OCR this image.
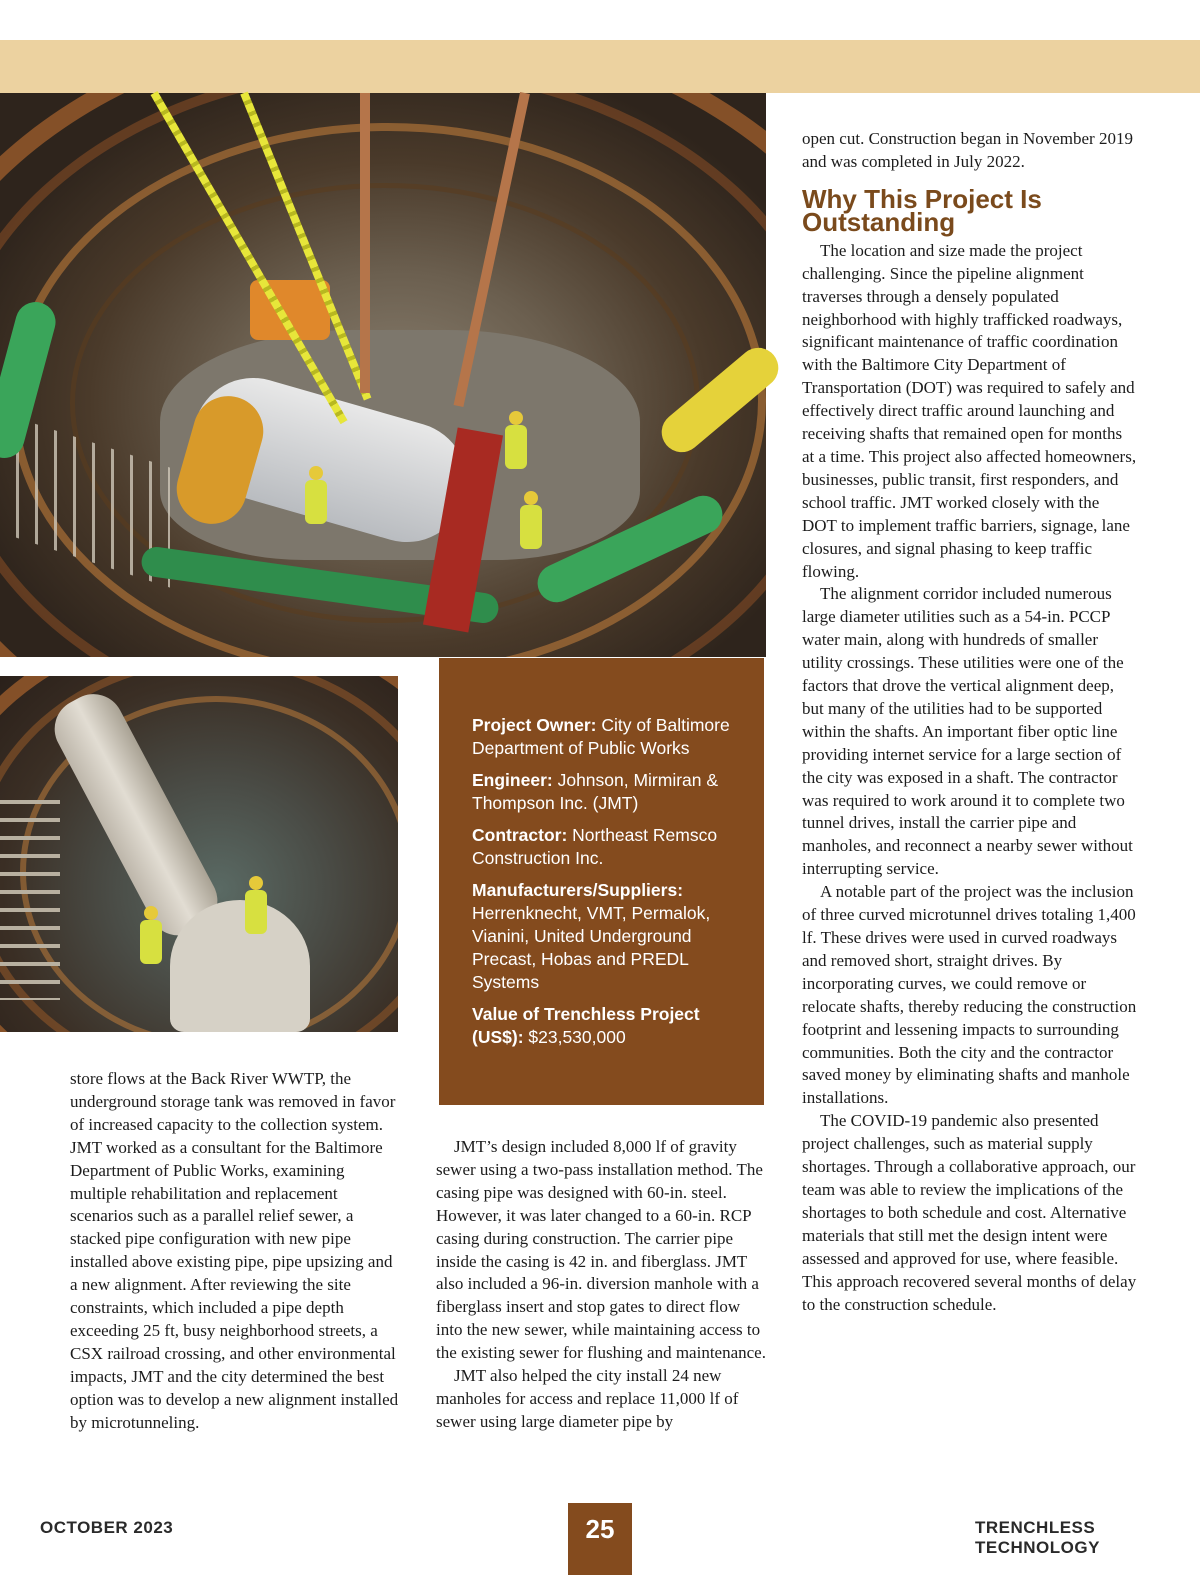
Project Owner: City of Baltimore Department of Public Works

Engineer: Johnson, Mirmiran & Thompson Inc. (JMT)

Contractor: Northeast Remsco Construction Inc.

Manufacturers/Suppliers: Herrenknecht, VMT, Permalok, Vianini, United Underground Precast, Hobas and PREDL Systems

Value of Trenchless Project (US$): $23,530,000

store flows at the Back River WWTP, the underground storage tank was removed in favor of increased capacity to the collection system. JMT worked as a consultant for the Baltimore Department of Public Works, examining multiple rehabilitation and replacement scenarios such as a parallel relief sewer, a stacked pipe configuration with new pipe installed above existing pipe, pipe upsizing and a new alignment. After reviewing the site constraints, which included a pipe depth exceeding 25 ft, busy neighborhood streets, a CSX railroad crossing, and other environmental impacts, JMT and the city determined the best option was to develop a new alignment installed by microtunneling.

JMT’s design included 8,000 lf of gravity sewer using a two-pass installation method. The casing pipe was designed with 60-in. steel. However, it was later changed to a 60-in. RCP casing during construction. The carrier pipe inside the casing is 42 in. and fiberglass. JMT also included a 96-in. diversion manhole with a fiberglass insert and stop gates to direct flow into the new sewer, while maintaining access to the existing sewer for flushing and maintenance.

JMT also helped the city install 24 new manholes for access and replace 11,000 lf of sewer using large diameter pipe by

open cut. Construction began in November 2019 and was completed in July 2022.

Why This Project Is Outstanding

The location and size made the project challenging. Since the pipeline alignment traverses through a densely populated neighborhood with highly trafficked roadways, significant maintenance of traffic coordination with the Baltimore City Department of Transportation (DOT) was required to safely and effectively direct traffic around launching and receiving shafts that remained open for months at a time. This project also affected homeowners, businesses, public transit, first responders, and school traffic. JMT worked closely with the DOT to implement traffic barriers, signage, lane closures, and signal phasing to keep traffic flowing.

The alignment corridor included numerous large diameter utilities such as a 54-in. PCCP water main, along with hundreds of smaller utility crossings. These utilities were one of the factors that drove the vertical alignment deep, but many of the utilities had to be supported within the shafts. An important fiber optic line providing internet service for a large section of the city was exposed in a shaft. The contractor was required to work around it to complete two tunnel drives, install the carrier pipe and manholes, and reconnect a nearby sewer without interrupting service.

A notable part of the project was the inclusion of three curved microtunnel drives totaling 1,400 lf. These drives were used in curved roadways and removed short, straight drives. By incorporating curves, we could remove or relocate shafts, thereby reducing the construction footprint and lessening impacts to surrounding communities. Both the city and the contractor saved money by eliminating shafts and manhole installations.

The COVID-19 pandemic also presented project challenges, such as material supply shortages. Through a collaborative approach, our team was able to review the implications of the shortages to both schedule and cost. Alternative materials that still met the design intent were assessed and approved for use, where feasible. This approach recovered several months of delay to the construction schedule.

OCTOBER 2023	25	TRENCHLESS TECHNOLOGY
